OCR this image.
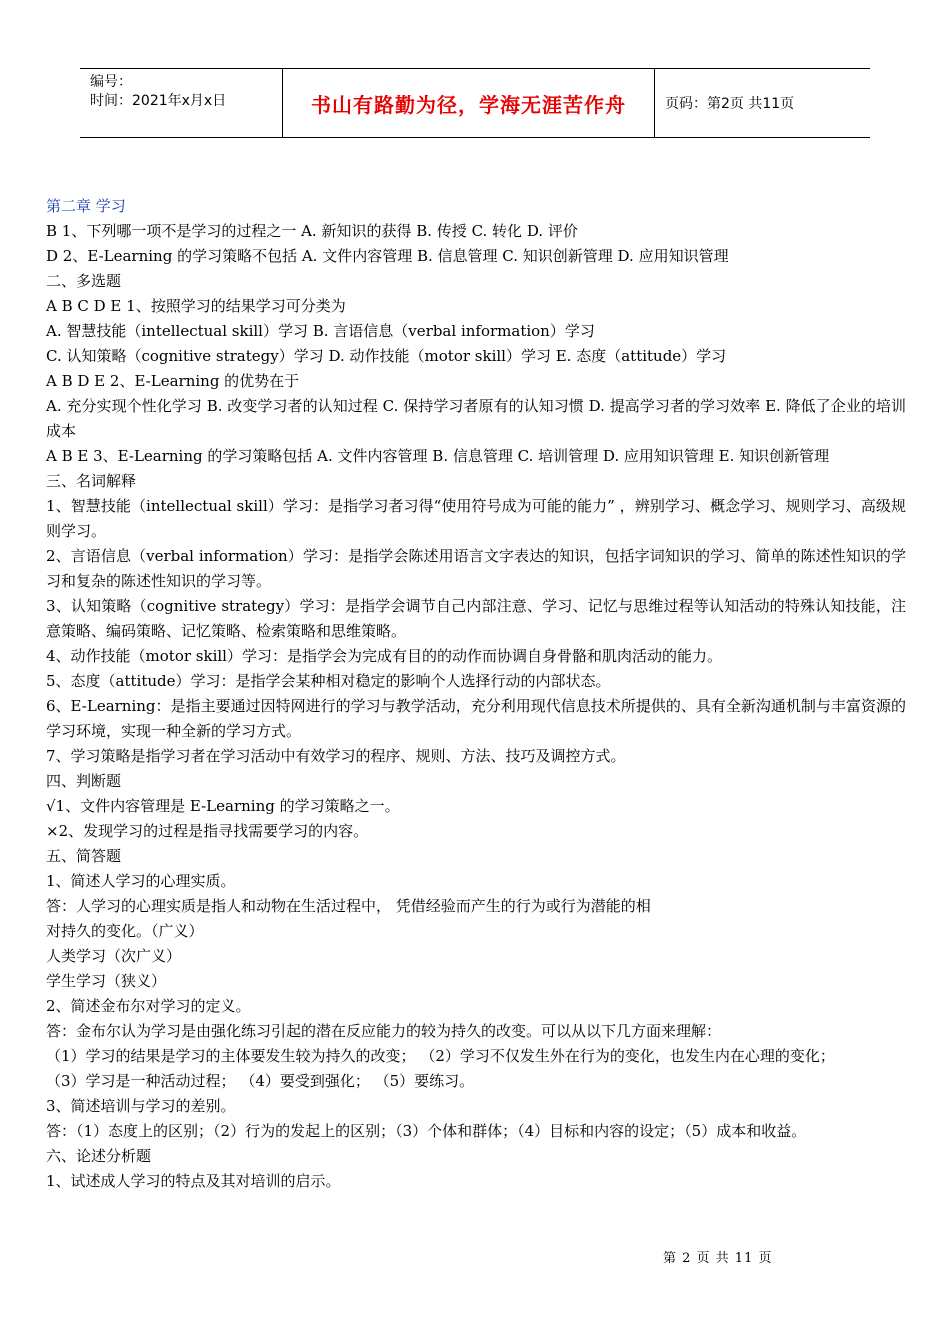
编号：
时间：2021年x月x日	书山有路勤为径，学海无涯苦作舟	页码：第2页 共11页

第二章 学习

B 1、下列哪一项不是学习的过程之一 A. 新知识的获得 B. 传授 C. 转化 D. 评价

D 2、E-Learning 的学习策略不包括 A. 文件内容管理 B. 信息管理 C. 知识创新管理 D. 应用知识管理

二、多选题

A B C D E 1、按照学习的结果学习可分类为

A. 智慧技能（intellectual skill）学习 B. 言语信息（verbal information）学习

C. 认知策略（cognitive strategy）学习 D. 动作技能（motor skill）学习 E. 态度（attitude）学习

A B D E 2、E-Learning 的优势在于

A. 充分实现个性化学习 B. 改变学习者的认知过程 C. 保持学习者原有的认知习惯 D. 提高学习者的学习效率 E. 降低了企业的培训成本

A B E 3、E-Learning 的学习策略包括 A. 文件内容管理 B. 信息管理 C. 培训管理 D. 应用知识管理 E. 知识创新管理

三、名词解释

1、智慧技能（intellectual skill）学习：是指学习者习得“使用符号成为可能的能力” ，辨别学习、概念学习、规则学习、高级规则学习。

2、言语信息（verbal information）学习：是指学会陈述用语言文字表达的知识，包括字词知识的学习、简单的陈述性知识的学习和复杂的陈述性知识的学习等。

3、认知策略（cognitive strategy）学习：是指学会调节自己内部注意、学习、记忆与思维过程等认知活动的特殊认知技能，注意策略、编码策略、记忆策略、检索策略和思维策略。

4、动作技能（motor skill）学习：是指学会为完成有目的的动作而协调自身骨骼和肌肉活动的能力。

5、态度（attitude）学习：是指学会某种相对稳定的影响个人选择行动的内部状态。

6、E-Learning：是指主要通过因特网进行的学习与教学活动，充分利用现代信息技术所提供的、具有全新沟通机制与丰富资源的学习环境，实现一种全新的学习方式。

7、学习策略是指学习者在学习活动中有效学习的程序、规则、方法、技巧及调控方式。

四、判断题

√1、文件内容管理是 E-Learning 的学习策略之一。

×2、发现学习的过程是指寻找需要学习的内容。

五、简答题

1、简述人学习的心理实质。

答：人学习的心理实质是指人和动物在生活过程中， 凭借经验而产生的行为或行为潜能的相

对持久的变化。（广义）

人类学习（次广义）

学生学习（狭义）

2、简述金布尔对学习的定义。

答：金布尔认为学习是由强化练习引起的潜在反应能力的较为持久的改变。可以从以下几方面来理解：

（1）学习的结果是学习的主体要发生较为持久的改变； （2）学习不仅发生外在行为的变化，也发生内在心理的变化；

（3）学习是一种活动过程； （4）要受到强化； （5）要练习。

3、简述培训与学习的差别。

答：（1）态度上的区别；（2）行为的发起上的区别；（3）个体和群体；（4）目标和内容的设定；（5）成本和收益。

六、论述分析题

1、试述成人学习的特点及其对培训的启示。

第 2 页 共 11 页
